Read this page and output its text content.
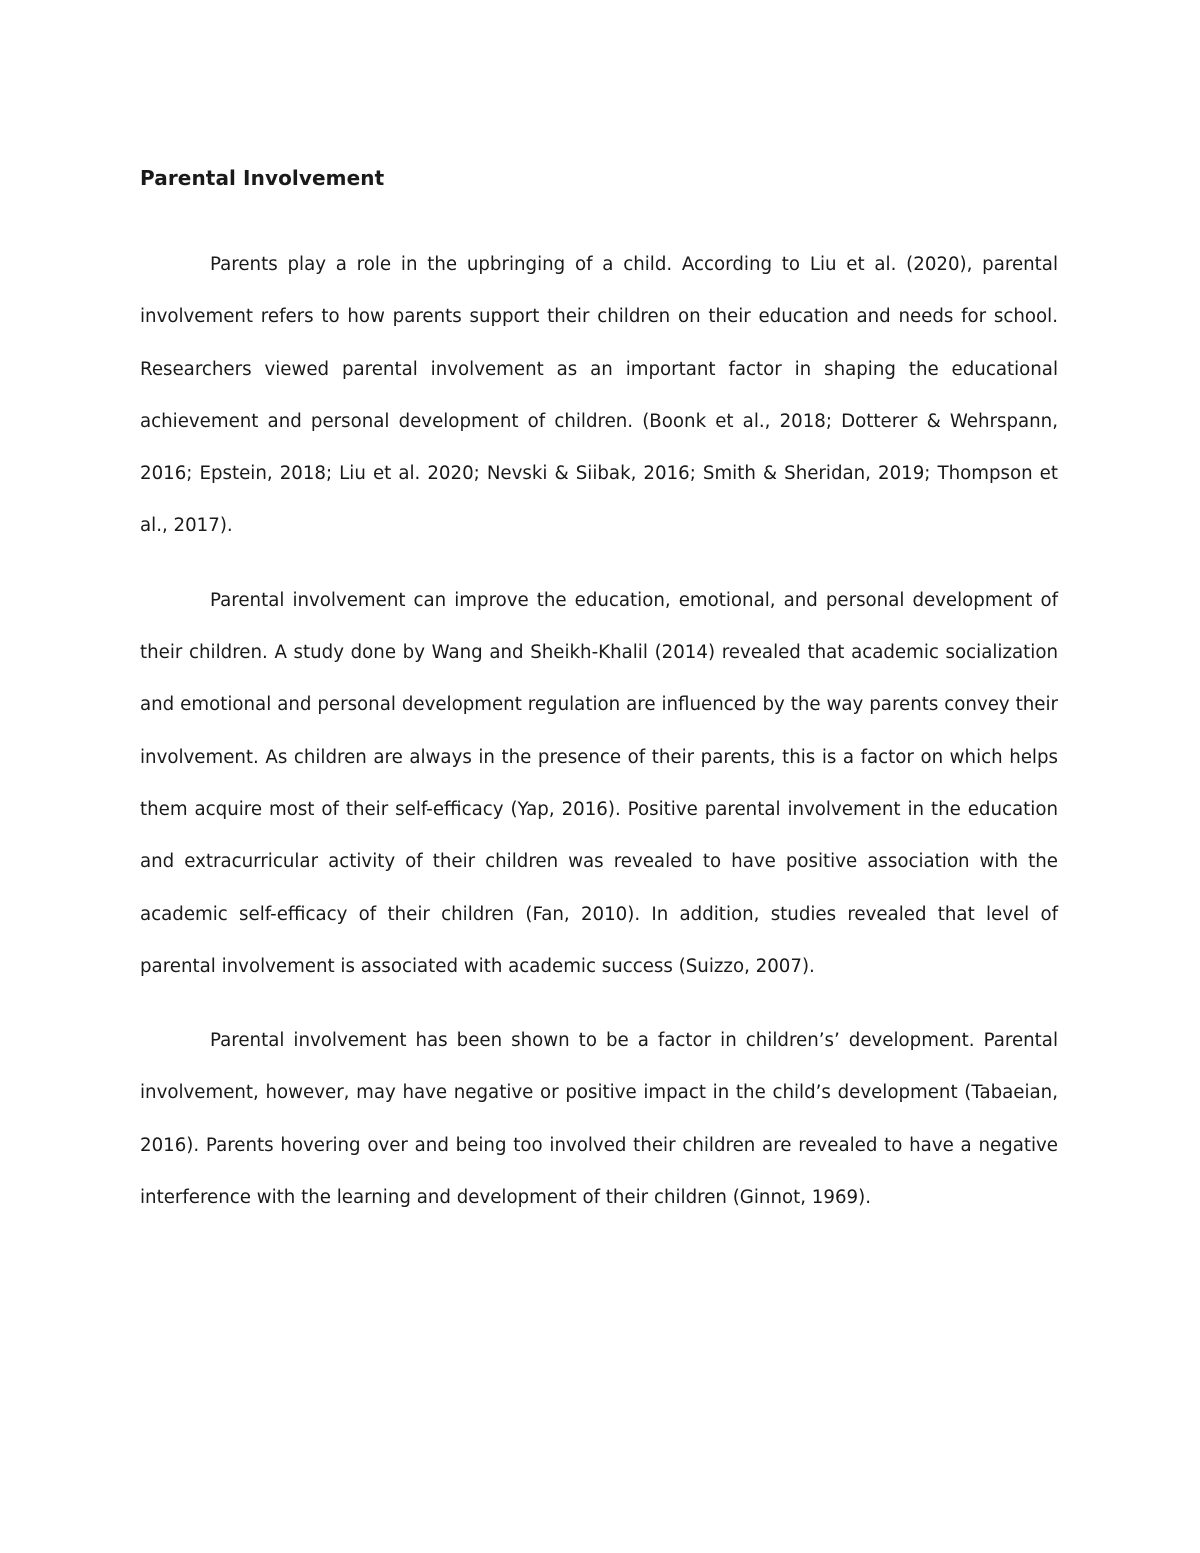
Parental Involvement

Parents play a role in the upbringing of a child. According to Liu et al. (2020), parental involvement refers to how parents support their children on their education and needs for school. Researchers viewed parental involvement as an important factor in shaping the educational achievement and personal development of children. (Boonk et al., 2018; Dotterer & Wehrspann, 2016; Epstein, 2018; Liu et al. 2020; Nevski & Siibak, 2016; Smith & Sheridan, 2019; Thompson et al., 2017).

Parental involvement can improve the education, emotional, and personal development of their children. A study done by Wang and Sheikh-Khalil (2014) revealed that academic socialization and emotional and personal development regulation are influenced by the way parents convey their involvement. As children are always in the presence of their parents, this is a factor on which helps them acquire most of their self-efficacy (Yap, 2016). Positive parental involvement in the education and extracurricular activity of their children was revealed to have positive association with the academic self-efficacy of their children (Fan, 2010). In addition, studies revealed that level of parental involvement is associated with academic success (Suizzo, 2007).

Parental involvement has been shown to be a factor in children’s’ development. Parental involvement, however, may have negative or positive impact in the child’s development (Tabaeian, 2016). Parents hovering over and being too involved their children are revealed to have a negative interference with the learning and development of their children (Ginnot, 1969).
